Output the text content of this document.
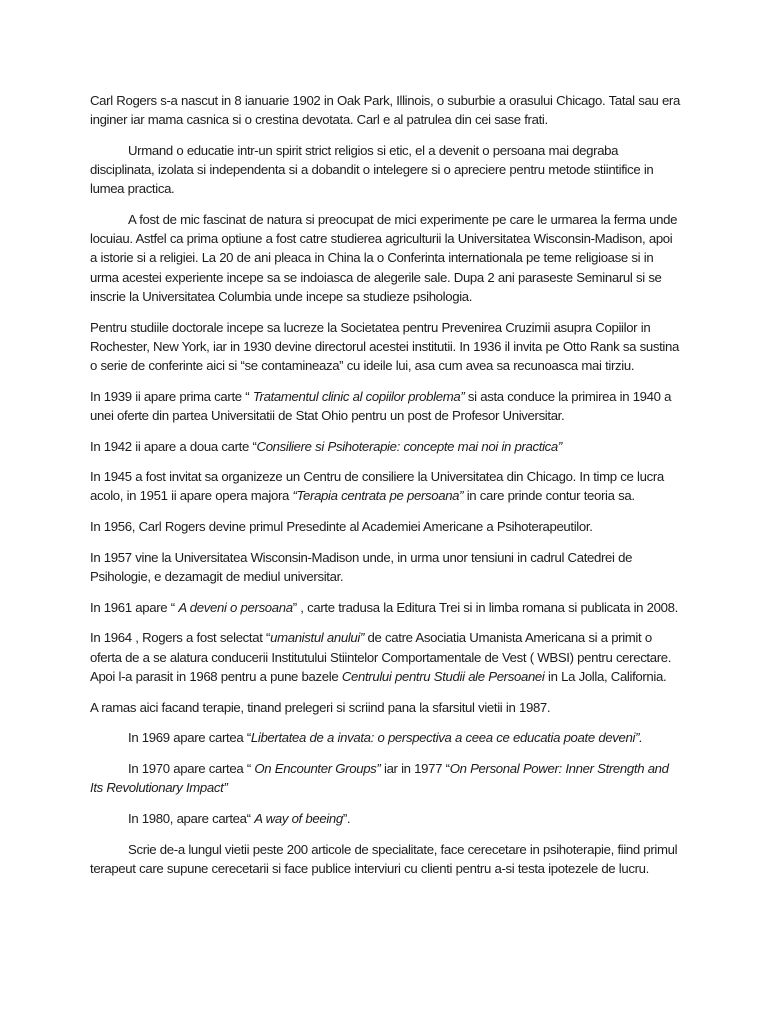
Carl Rogers s-a nascut in 8 ianuarie 1902 in Oak Park, Illinois, o suburbie a orasului Chicago. Tatal sau era inginer iar mama casnica si o crestina devotata. Carl e al patrulea din cei sase frati.

Urmand o educatie intr-un spirit strict religios si etic, el a devenit o persoana mai degraba disciplinata, izolata si independenta si a dobandit o intelegere si o apreciere pentru metode stiintifice in lumea practica.

A fost de mic fascinat de natura si preocupat de mici experimente pe care le urmarea la ferma unde locuiau. Astfel ca prima optiune a fost catre studierea agriculturii la Universitatea Wisconsin-Madison, apoi a istorie si a religiei. La 20 de ani pleaca in China la o Conferinta internationala pe teme religioase si in urma acestei experiente incepe sa se indoiasca de alegerile sale. Dupa 2 ani paraseste Seminarul si se inscrie la Universitatea Columbia unde incepe sa studieze psihologia.

Pentru studiile doctorale incepe sa lucreze la Societatea pentru Prevenirea Cruzimii asupra Copiilor in Rochester, New York, iar in 1930 devine directorul acestei institutii. In 1936 il invita pe Otto Rank sa sustina o serie de conferinte aici si “se contamineaza” cu ideile lui, asa cum avea sa recunoasca mai tirziu.

In 1939 ii apare prima carte “ Tratamentul clinic al copiilor problema” si asta conduce la primirea in 1940 a unei oferte din partea Universitatii de Stat Ohio pentru un post de Profesor Universitar.

In 1942 ii apare a doua carte “Consiliere si Psihoterapie: concepte mai noi in practica”

In 1945 a fost invitat sa organizeze un Centru de consiliere la Universitatea din Chicago. In timp ce lucra acolo, in 1951 ii apare opera majora “Terapia centrata pe persoana” in care prinde contur teoria sa.

In 1956, Carl Rogers devine primul Presedinte al Academiei Americane a Psihoterapeutilor.

In 1957 vine la Universitatea Wisconsin-Madison unde, in urma unor tensiuni in cadrul Catedrei de Psihologie, e dezamagit de mediul universitar.

In 1961 apare “ A deveni o persoana” , carte tradusa la Editura Trei si in limba romana si publicata in 2008.

In 1964 , Rogers a fost selectat “umanistul anului” de catre Asociatia Umanista Americana si a primit o oferta de a se alatura conducerii Institutului Stiintelor Comportamentale de Vest ( WBSI) pentru cerectare. Apoi l-a parasit in 1968 pentru a pune bazele Centrului pentru Studii ale Persoanei in La Jolla, California.

A ramas aici facand terapie, tinand prelegeri si scriind pana la sfarsitul vietii in 1987.

In 1969 apare cartea “Libertatea de a invata: o perspectiva a ceea ce educatia poate deveni”.

In 1970 apare cartea “ On Encounter Groups” iar in 1977 “On Personal Power: Inner Strength and Its Revolutionary Impact”

In 1980, apare cartea“ A way of beeing”.

Scrie de-a lungul vietii peste 200 articole de specialitate, face cerecetare in psihoterapie, fiind primul terapeut care supune cerecetarii si face publice interviuri cu clienti pentru a-si testa ipotezele de lucru.
